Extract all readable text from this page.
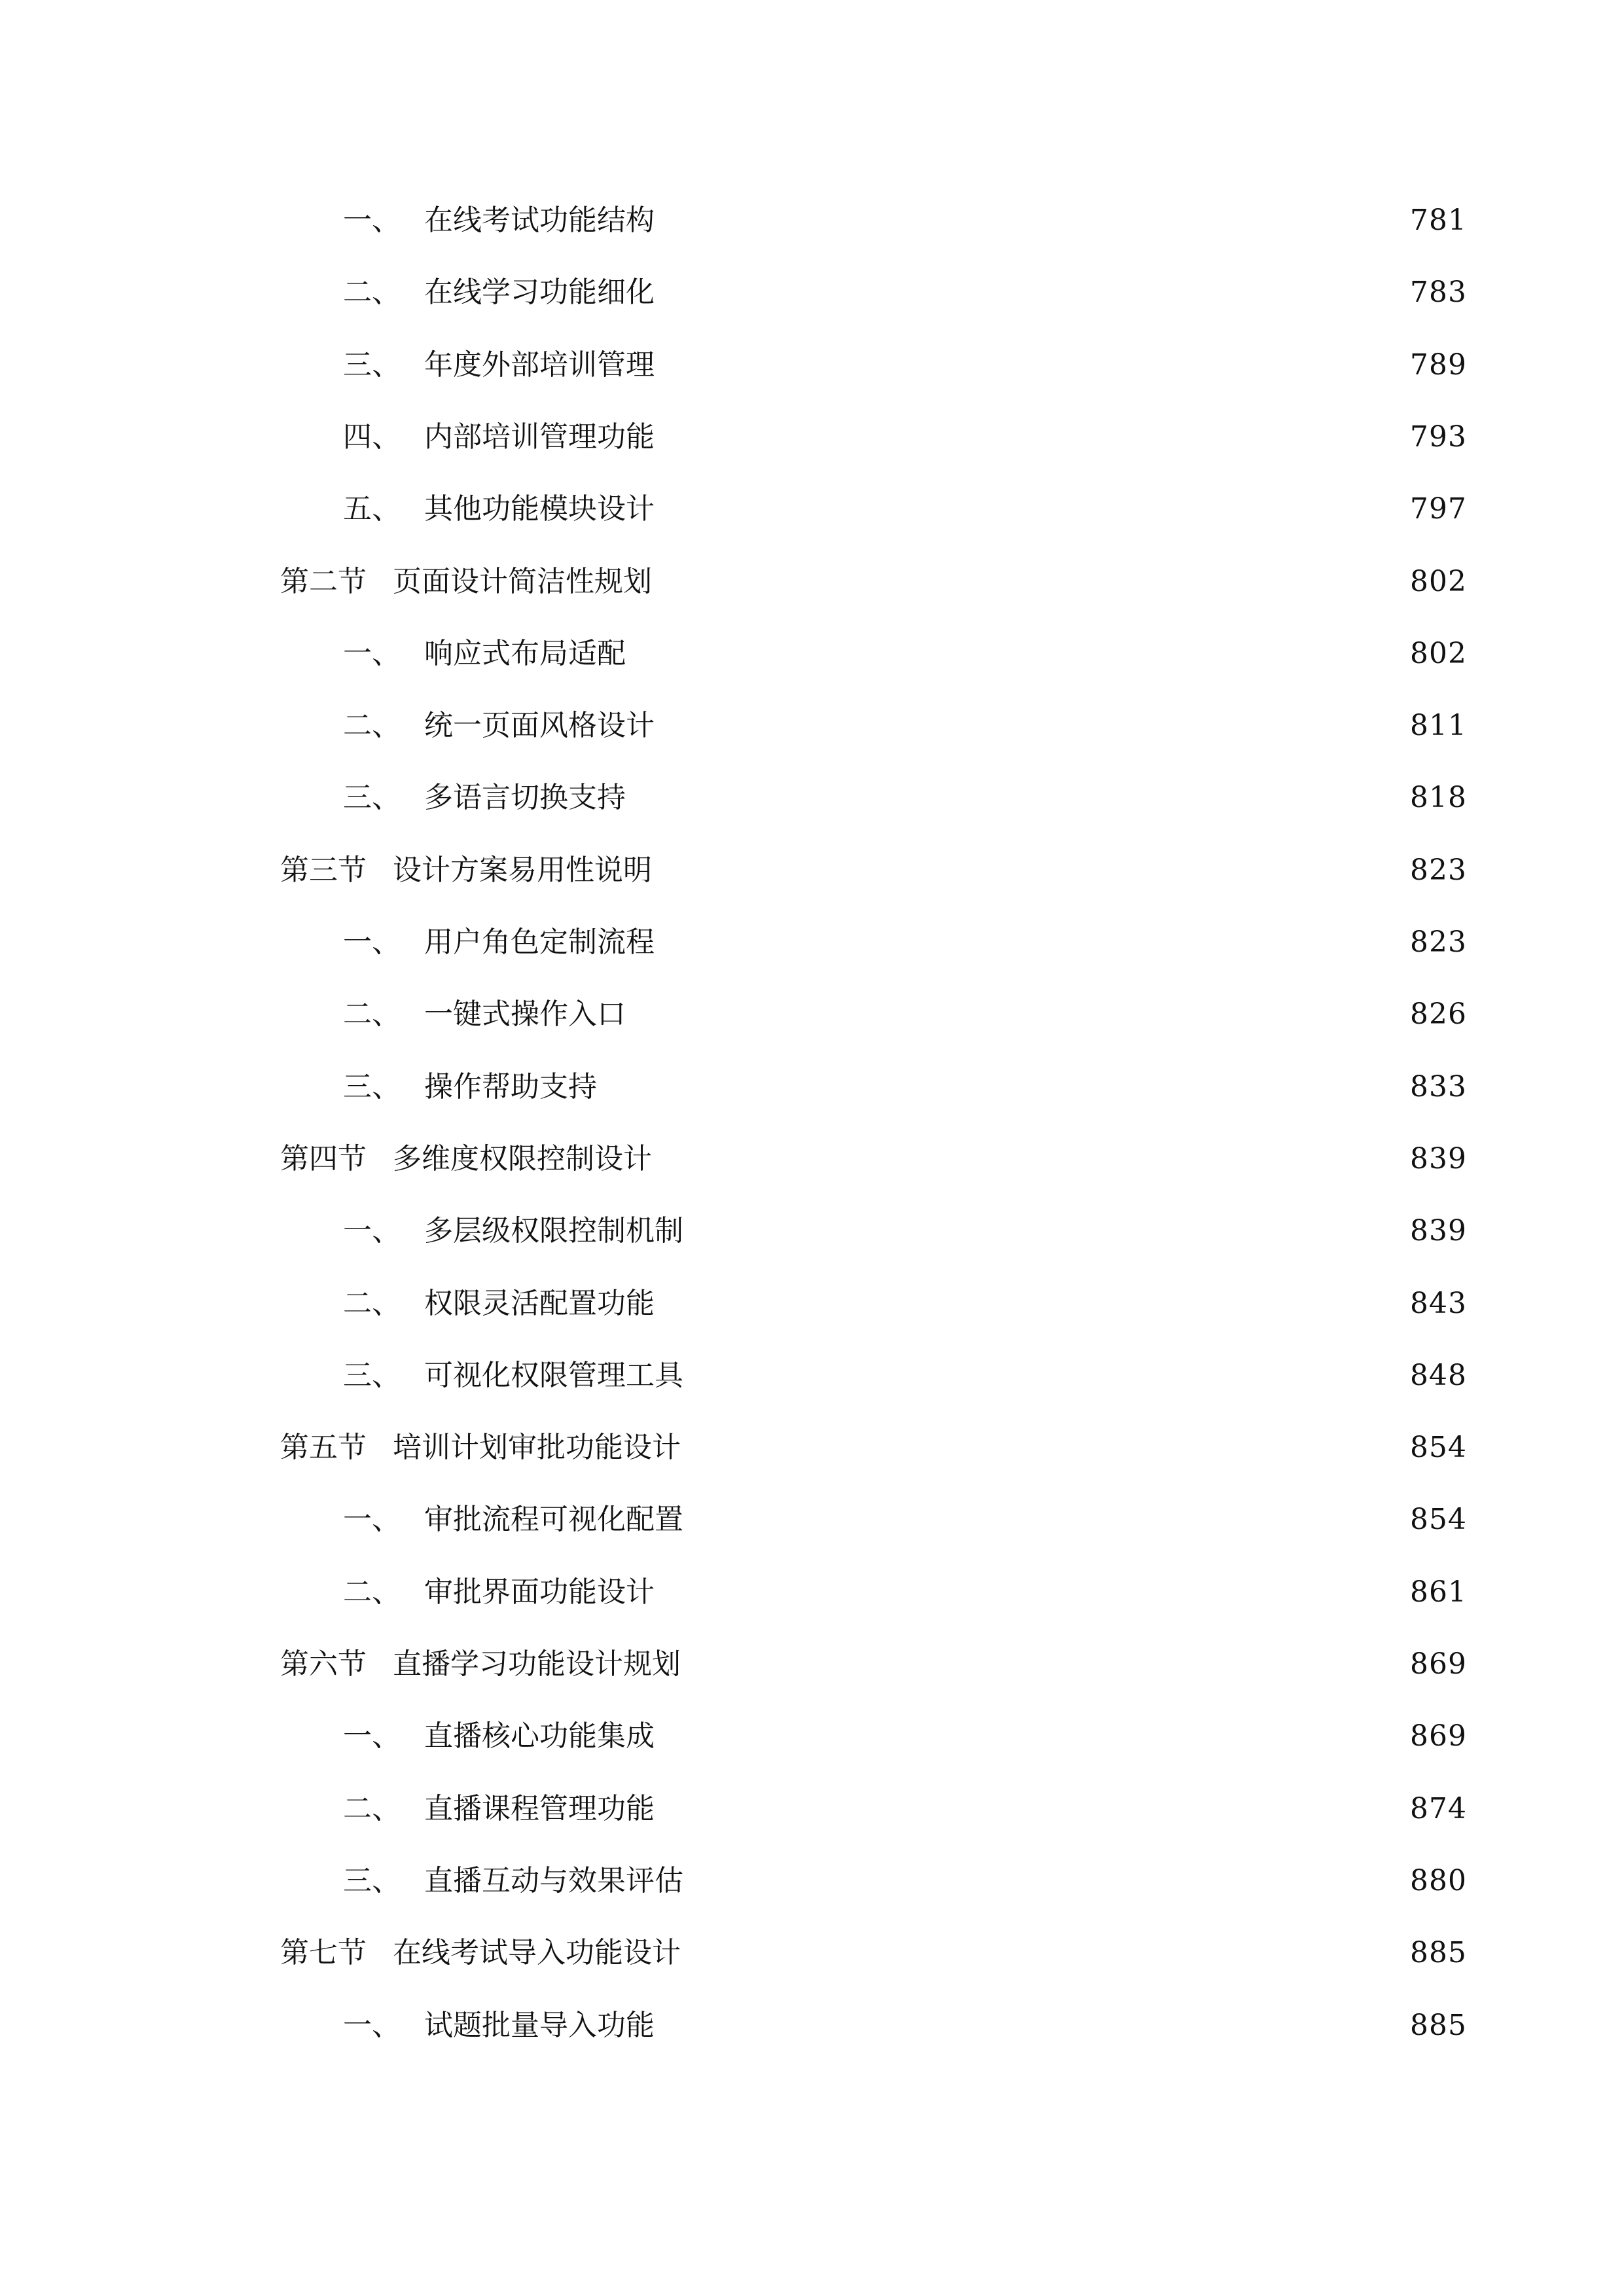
一、 在线考试功能结构	781
二、 在线学习功能细化	783
三、 年度外部培训管理	789
四、 内部培训管理功能	793
五、 其他功能模块设计	797
第二节 页面设计简洁性规划	802
一、 响应式布局适配	802
二、 统一页面风格设计	811
三、 多语言切换支持	818
第三节 设计方案易用性说明	823
一、 用户角色定制流程	823
二、 一键式操作入口	826
三、 操作帮助支持	833
第四节 多维度权限控制设计	839
一、 多层级权限控制机制	839
二、 权限灵活配置功能	843
三、 可视化权限管理工具	848
第五节 培训计划审批功能设计	854
一、 审批流程可视化配置	854
二、 审批界面功能设计	861
第六节 直播学习功能设计规划	869
一、 直播核心功能集成	869
二、 直播课程管理功能	874
三、 直播互动与效果评估	880
第七节 在线考试导入功能设计	885
一、 试题批量导入功能	885
